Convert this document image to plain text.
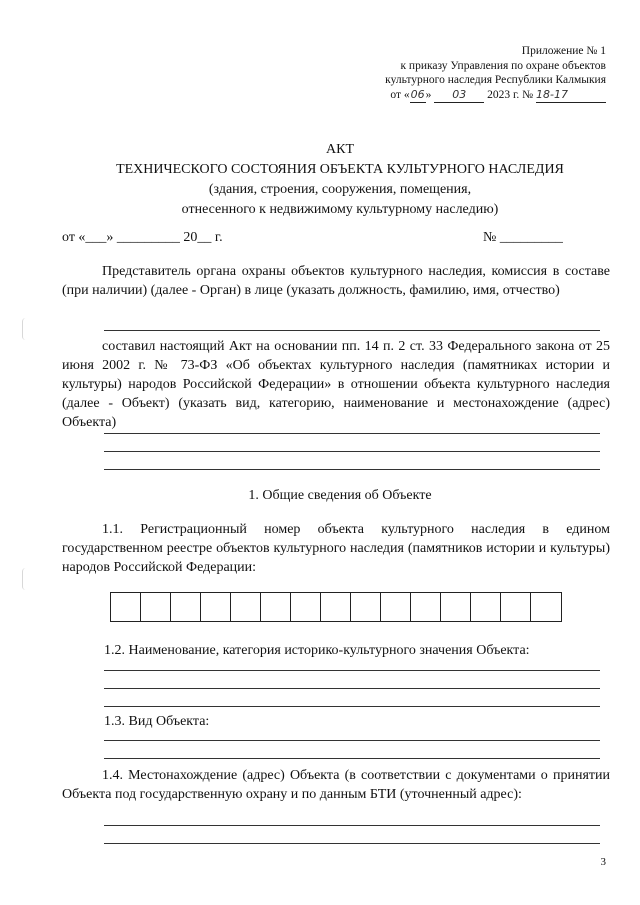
Приложение № 1
к приказу Управления по охране объектов
культурного наследия Республики Калмыкия
от «06» 03 2023 г. № 18-17
АКТ
ТЕХНИЧЕСКОГО СОСТОЯНИЯ ОБЪЕКТА КУЛЬТУРНОГО НАСЛЕДИЯ
(здания, строения, сооружения, помещения,
отнесенного к недвижимому культурному наследию)
от «___» _________ 20__ г.	№ _________
Представитель органа охраны объектов культурного наследия, комиссия в составе (при наличии) (далее - Орган) в лице (указать должность, фамилию, имя, отчество)
составил настоящий Акт на основании пп. 14 п. 2 ст. 33 Федерального закона от 25 июня 2002 г. № 73-ФЗ «Об объектах культурного наследия (памятниках истории и культуры) народов Российской Федерации» в отношении объекта культурного наследия (далее - Объект) (указать вид, категорию, наименование и местонахождение (адрес) Объекта)
1. Общие сведения об Объекте
1.1. Регистрационный номер объекта культурного наследия в едином государственном реестре объектов культурного наследия (памятников истории и культуры) народов Российской Федерации:
1.2. Наименование, категория историко-культурного значения Объекта:
1.3. Вид Объекта:
1.4. Местонахождение (адрес) Объекта (в соответствии с документами о принятии Объекта под государственную охрану и по данным БТИ (уточненный адрес):
3
